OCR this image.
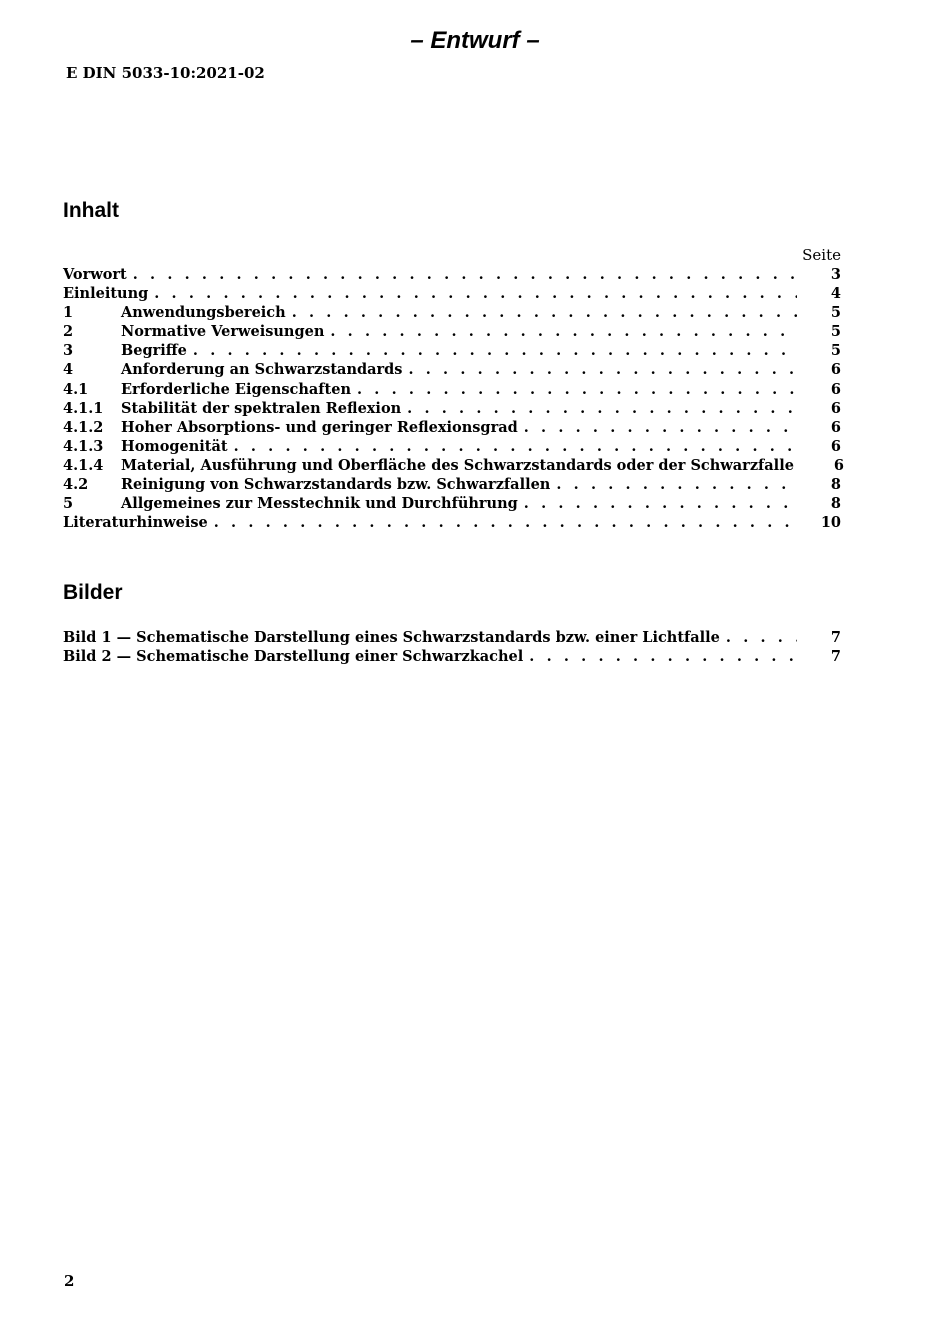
– Entwurf –
E DIN 5033-10:2021-02
Inhalt
Seite
Vorwort . . .	3
Einleitung . . .	4
1	Anwendungsbereich . . .	5
2	Normative Verweisungen . . .	5
3	Begriffe . . .	5
4	Anforderung an Schwarzstandards . . .	6
4.1	Erforderliche Eigenschaften . . .	6
4.1.1	Stabilität der spektralen Reflexion . . .	6
4.1.2	Hoher Absorptions- und geringer Reflexionsgrad . . .	6
4.1.3	Homogenität . . .	6
4.1.4	Material, Ausführung und Oberfläche des Schwarzstandards oder der Schwarzfalle	6
4.2	Reinigung von Schwarzstandards bzw. Schwarzfallen . . .	8
5	Allgemeines zur Messtechnik und Durchführung . . .	8
Literaturhinweise . . .	10
Bilder
Bild 1 — Schematische Darstellung eines Schwarzstandards bzw. einer Lichtfalle . . .	7
Bild 2 — Schematische Darstellung einer Schwarzkachel . . .	7
2
